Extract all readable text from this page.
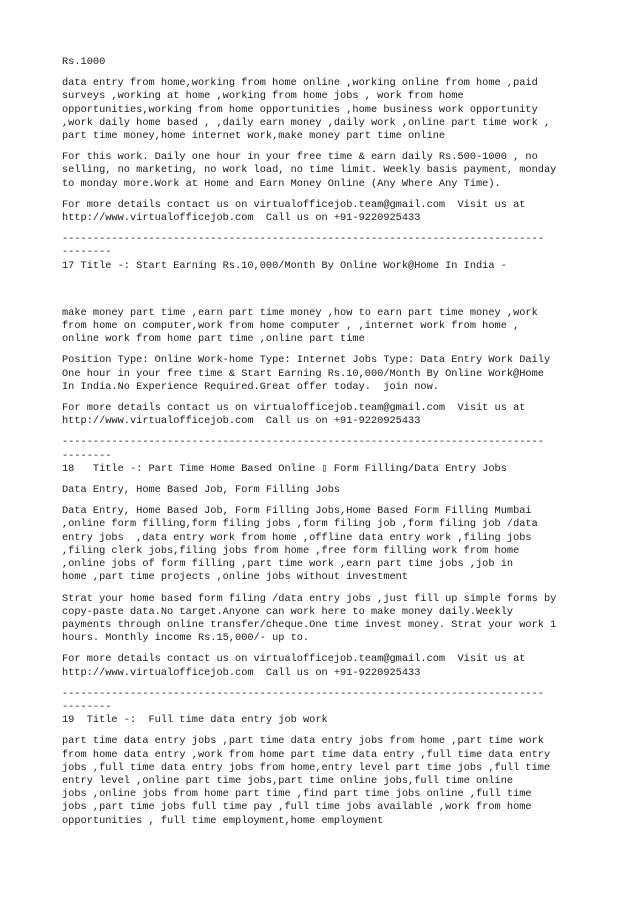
Rs.1000
data entry from home,working from home online ,working online from home ,paid
surveys ,working at home ,working from home jobs , work from home
opportunities,working from home opportunities ,home business work opportunity
,work daily home based , ,daily earn money ,daily work ,online part time work ,
part time money,home internet work,make money part time online
For this work. Daily one hour in your free time & earn daily Rs.500-1000 , no
selling, no marketing, no work load, no time limit. Weekly basis payment, monday
to monday more.Work at Home and Earn Money Online (Any Where Any Time).
For more details contact us on virtualofficejob.team@gmail.com  Visit us at
http://www.virtualofficejob.com  Call us on +91-9220925433
------------------------------------------------------------------------------
--------
17 Title -: Start Earning Rs.10,000/Month By Online Work@Home In India -
make money part time ,earn part time money ,how to earn part time money ,work
from home on computer,work from home computer , ,internet work from home ,
online work from home part time ,online part time
Position Type: Online Work-home Type: Internet Jobs Type: Data Entry Work Daily
One hour in your free time & Start Earning Rs.10,000/Month By Online Work@Home
In India.No Experience Required.Great offer today.  join now.
For more details contact us on virtualofficejob.team@gmail.com  Visit us at
http://www.virtualofficejob.com  Call us on +91-9220925433
------------------------------------------------------------------------------
--------
18   Title -: Part Time Home Based Online ▯ Form Filling/Data Entry Jobs
Data Entry, Home Based Job, Form Filling Jobs
Data Entry, Home Based Job, Form Filling Jobs,Home Based Form Filling Mumbai
,online form filling,form filing jobs ,form filing job ,form filing job /data
entry jobs  ,data entry work from home ,offline data entry work ,filing jobs
,filing clerk jobs,filing jobs from home ,free form filling work from home
,online jobs of form filling ,part time work ,earn part time jobs ,job in
home ,part time projects ,online jobs without investment
Strat your home based form filing /data entry jobs ,just fill up simple forms by
copy-paste data.No target.Anyone can work here to make money daily.Weekly
payments through online transfer/cheque.One time invest money. Strat your work 1
hours. Monthly income Rs.15,000/- up to.
For more details contact us on virtualofficejob.team@gmail.com  Visit us at
http://www.virtualofficejob.com  Call us on +91-9220925433
------------------------------------------------------------------------------
--------
19  Title -:  Full time data entry job work
part time data entry jobs ,part time data entry jobs from home ,part time work
from home data entry ,work from home part time data entry ,full time data entry
jobs ,full time data entry jobs from home,entry level part time jobs ,full time
entry level ,online part time jobs,part time online jobs,full time online
jobs ,online jobs from home part time ,find part time jobs online ,full time
jobs ,part time jobs full time pay ,full time jobs available ,work from home
opportunities , full time employment,home employment
